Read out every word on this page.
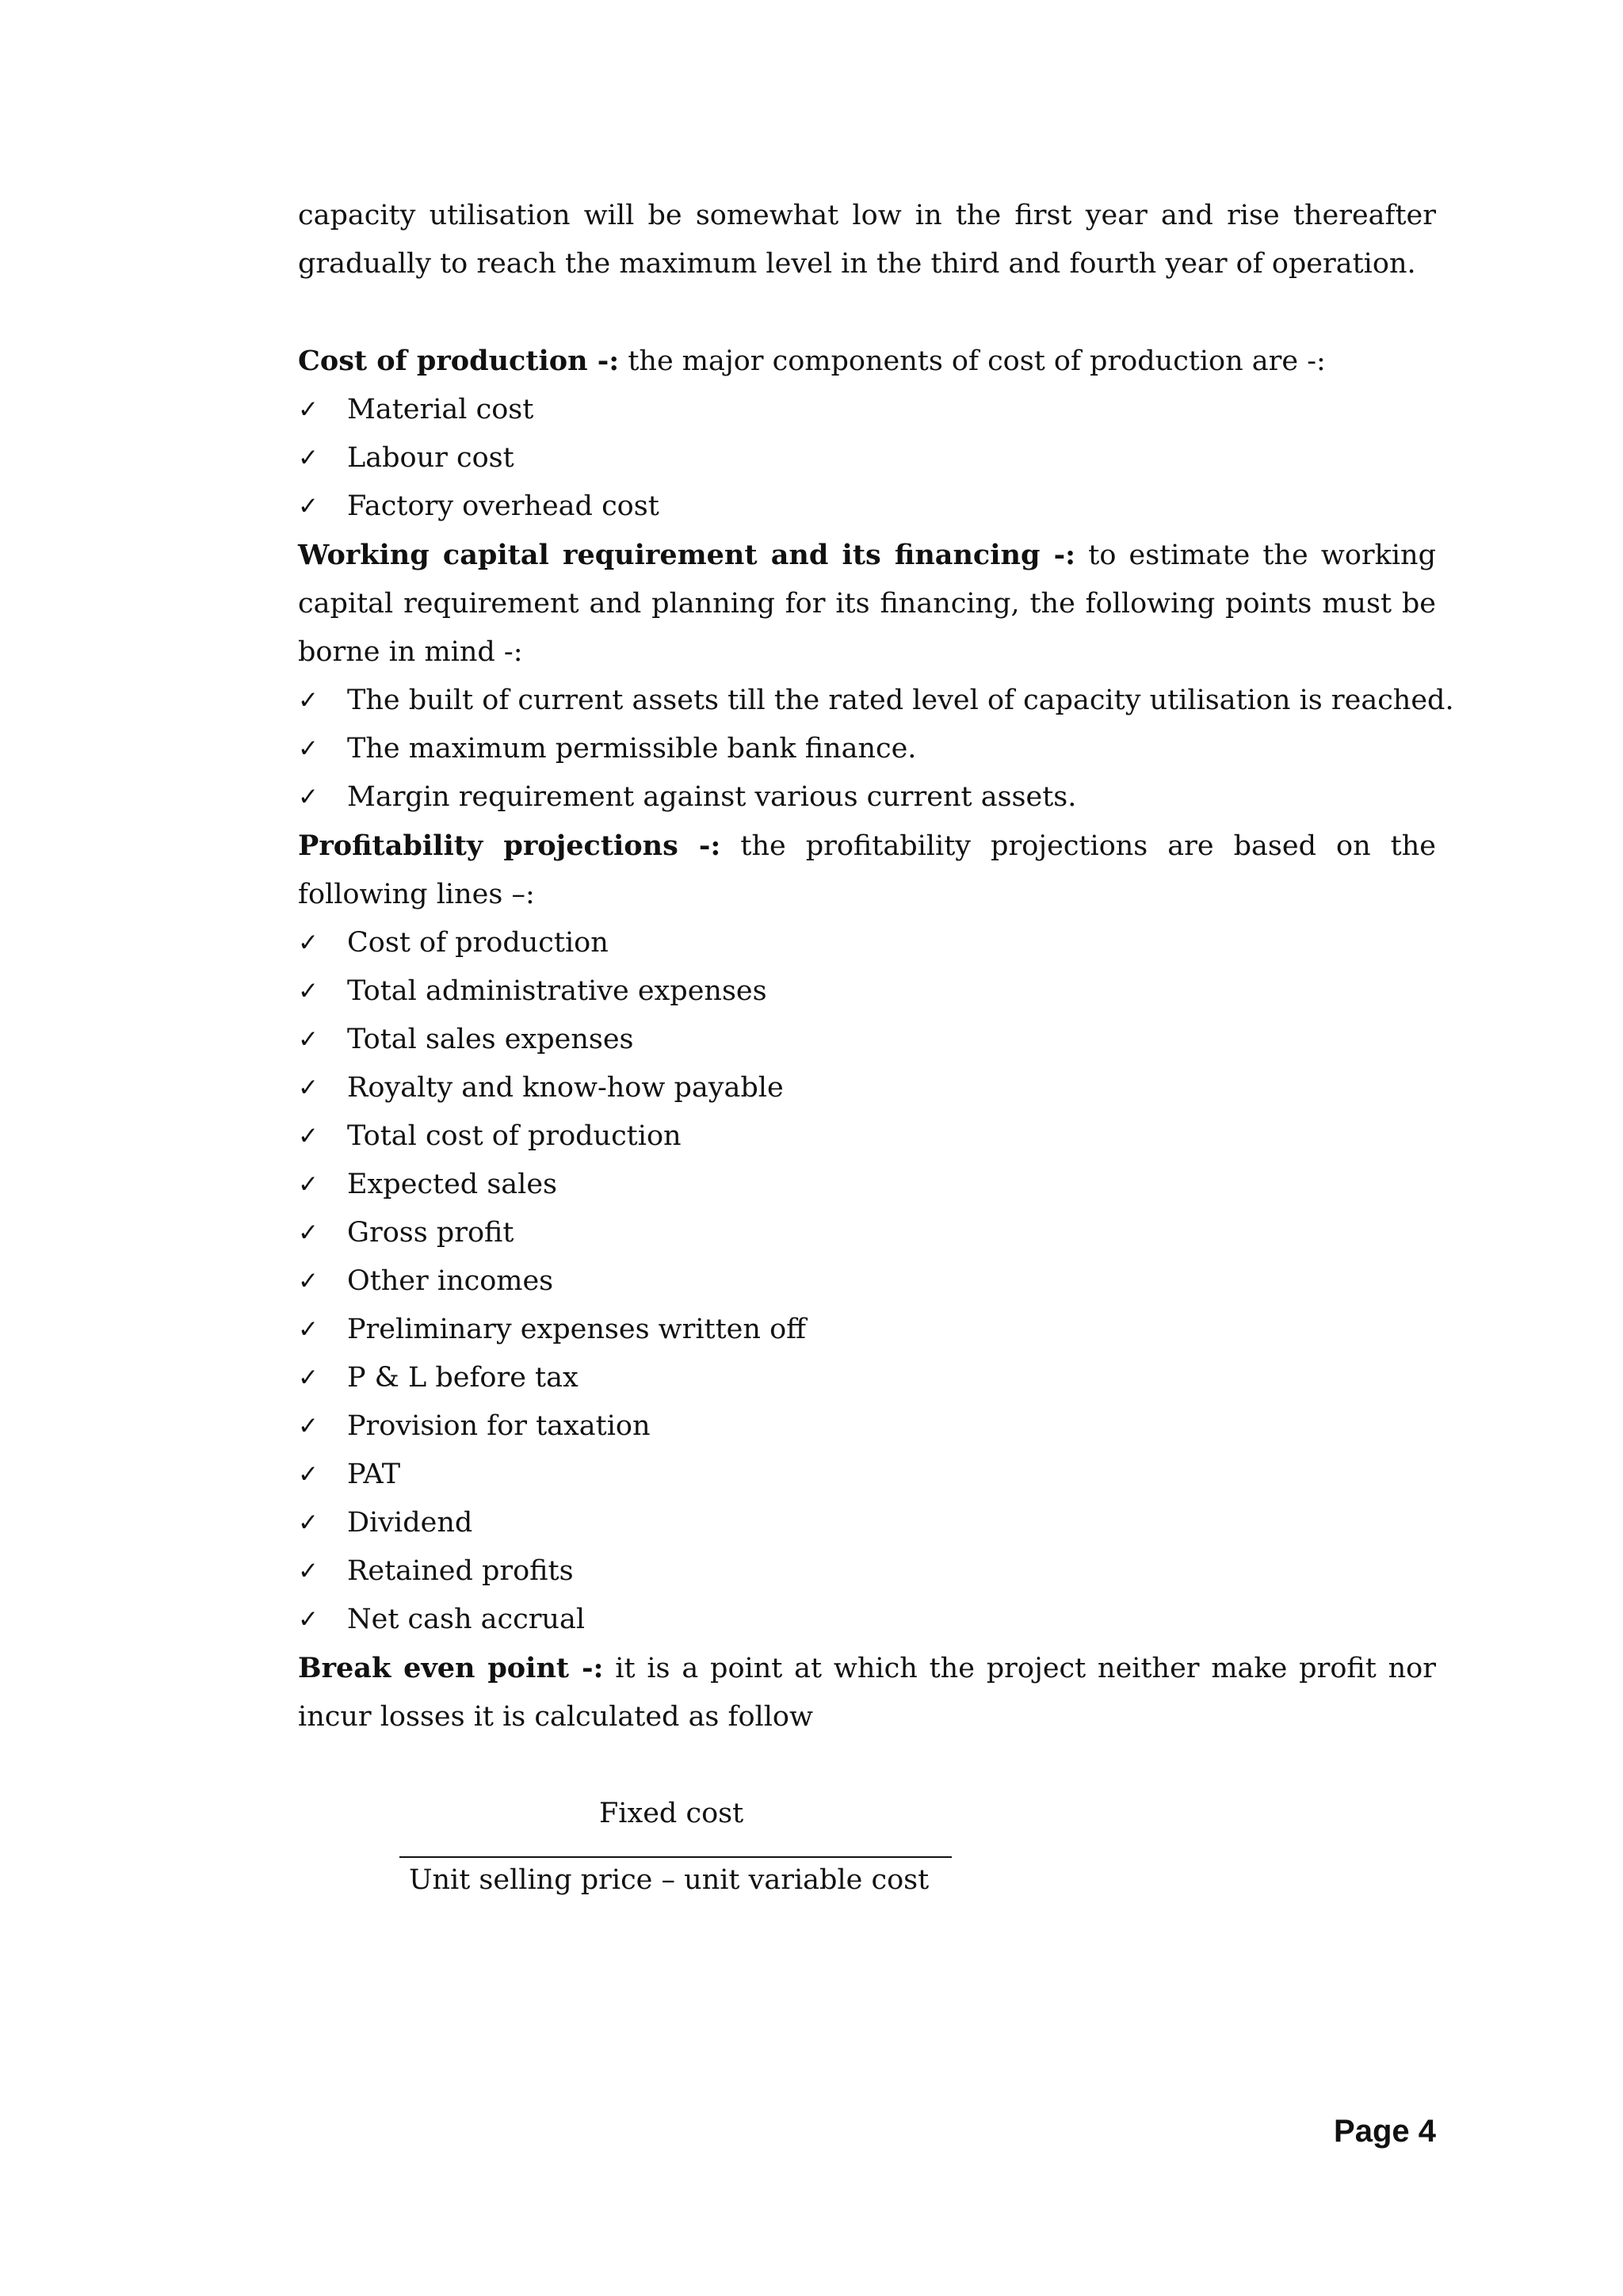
capacity utilisation will be somewhat low in the first year and rise thereafter gradually to reach the maximum level in the third and fourth year of operation.

Cost of production -: the major components of cost of production are -:

✓ Material cost
✓ Labour cost
✓ Factory overhead cost

Working capital requirement and its financing -: to estimate the working capital requirement and planning for its financing, the following points must be borne in mind -:

✓ The built of current assets till the rated level of capacity utilisation is reached.
✓ The maximum permissible bank finance.
✓ Margin requirement against various current assets.

Profitability projections -: the profitability projections are based on the following lines –:

✓ Cost of production
✓ Total administrative expenses
✓ Total sales expenses
✓ Royalty and know-how payable
✓ Total cost of production
✓ Expected sales
✓ Gross profit
✓ Other incomes
✓ Preliminary expenses written off
✓ P & L before tax
✓ Provision for taxation
✓ PAT
✓ Dividend
✓ Retained profits
✓ Net cash accrual

Break even point -: it is a point at which the project neither make profit nor incur losses it is calculated as follow

Fixed cost
Unit selling price – unit variable cost
Page 4
